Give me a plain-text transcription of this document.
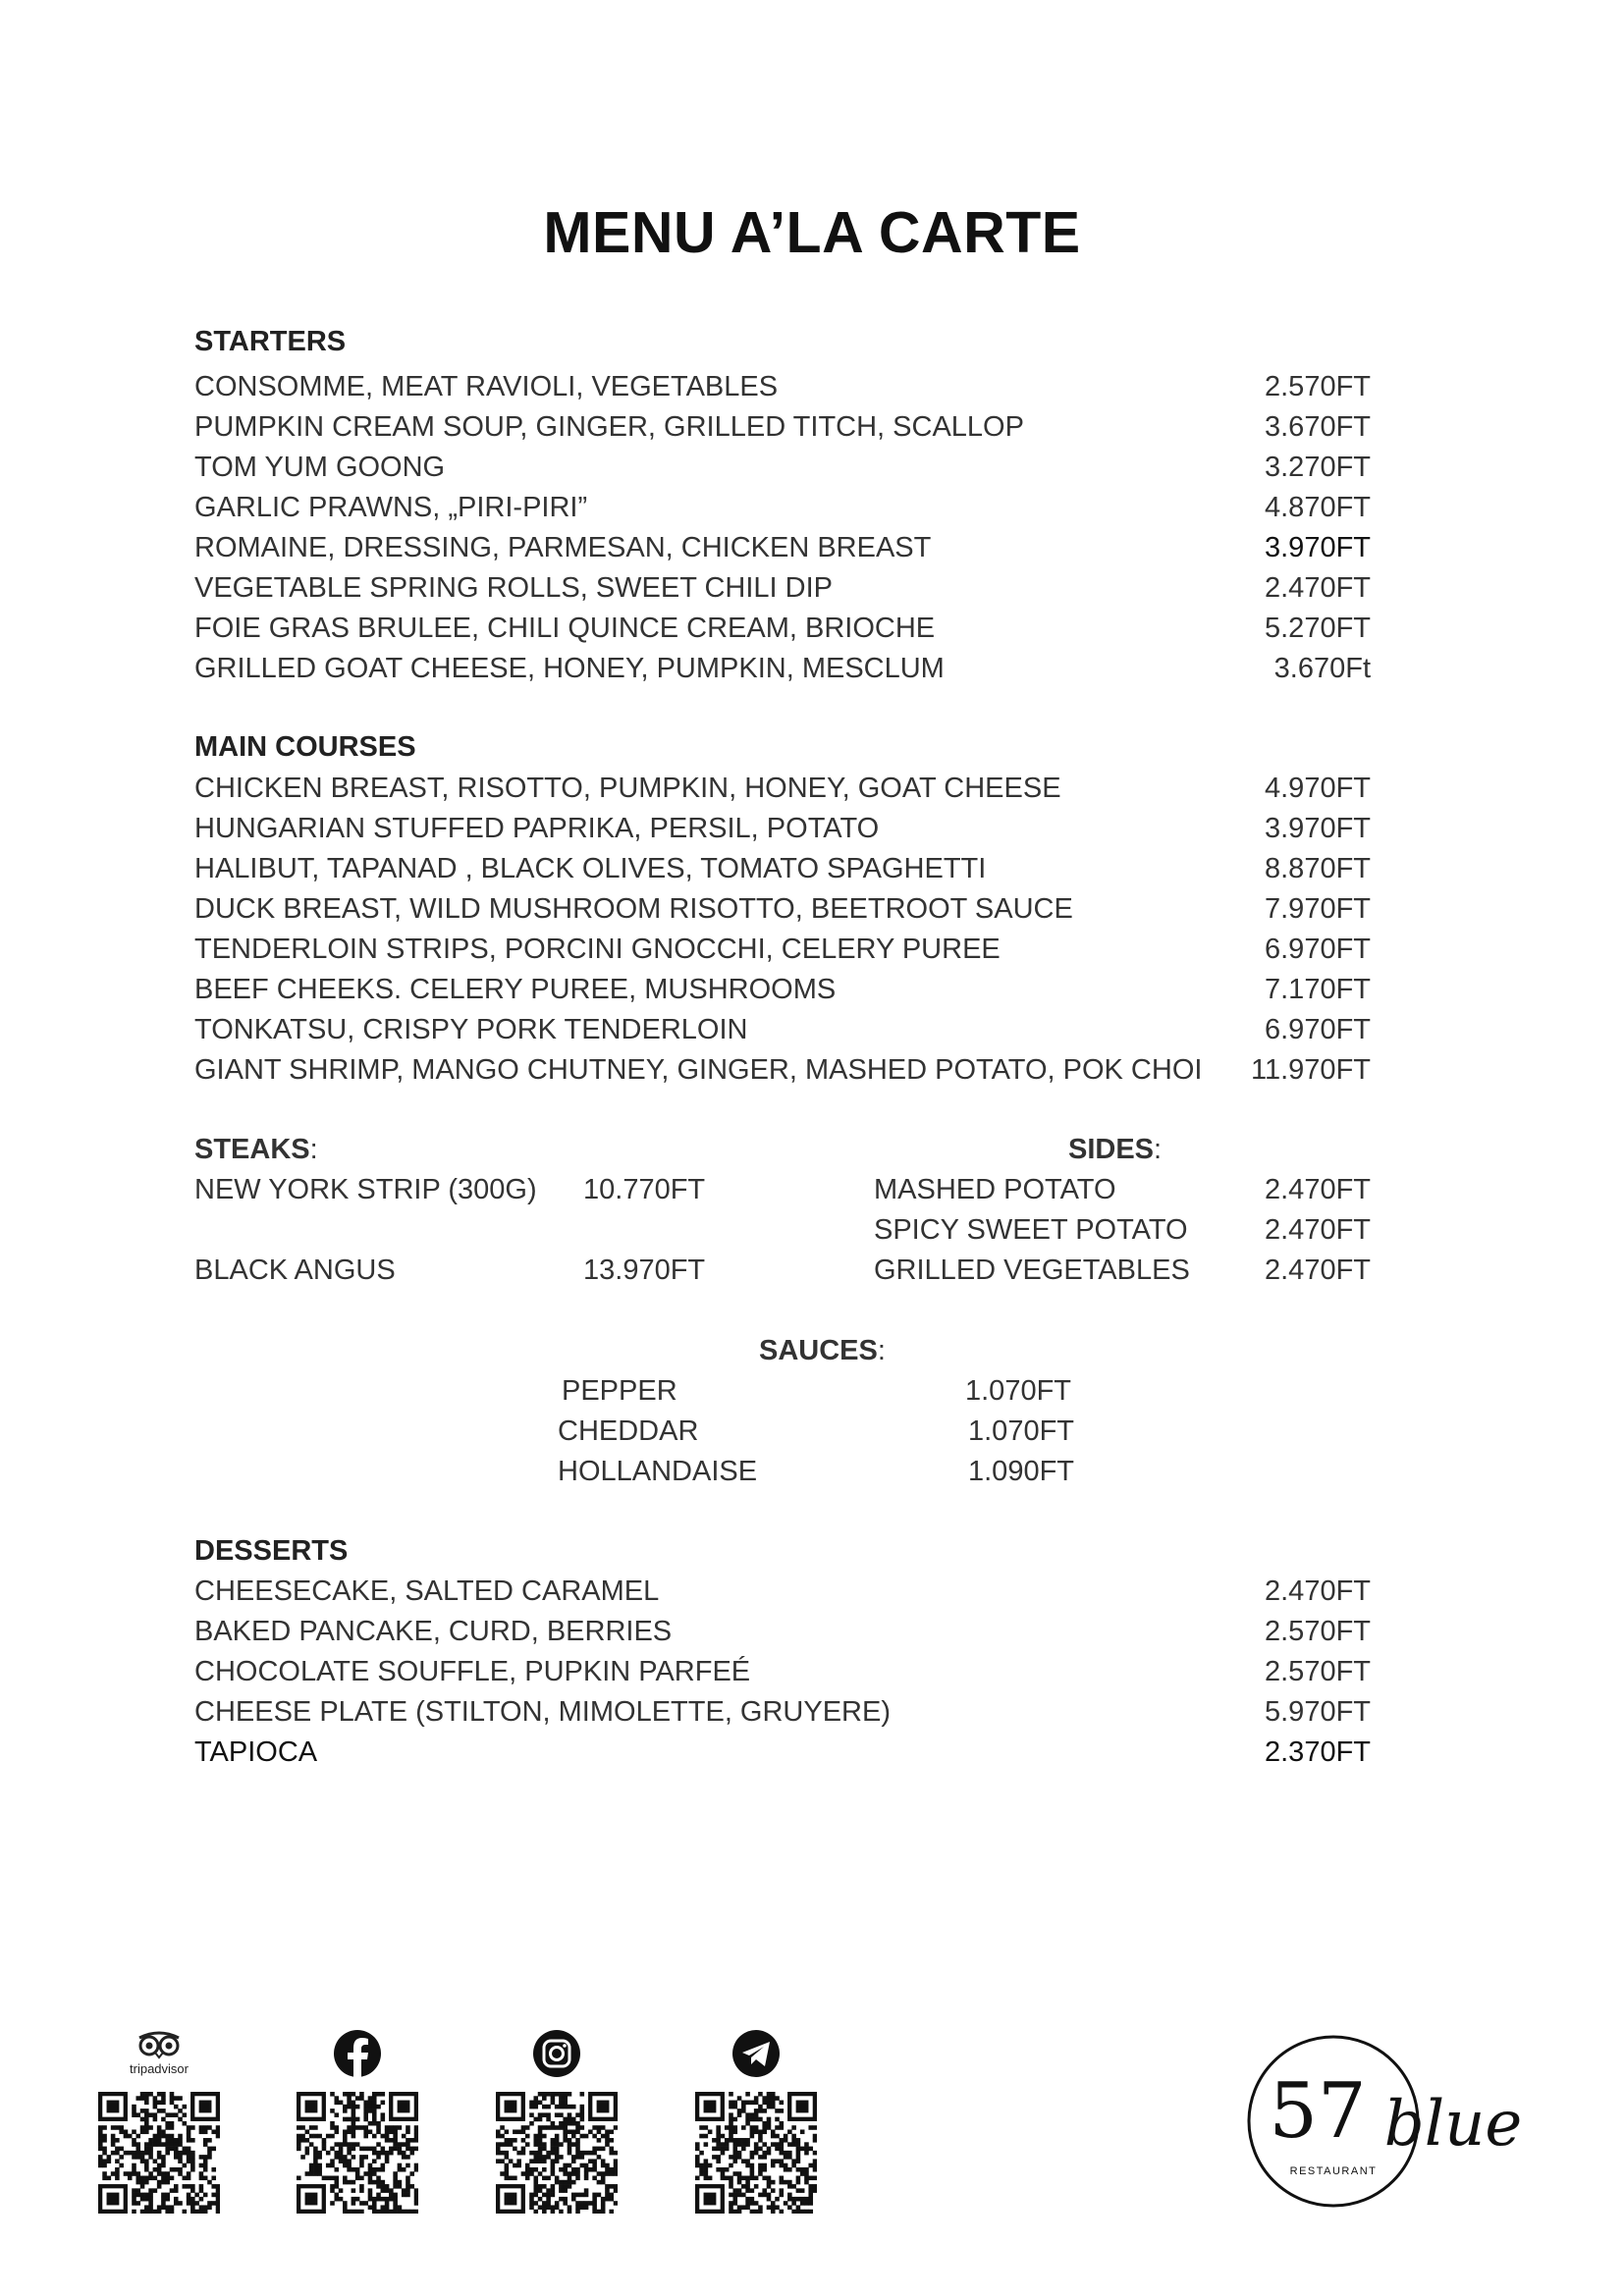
MENU A’LA CARTE
STARTERS
CONSOMME, MEAT RAVIOLI, VEGETABLES	2.570FT
PUMPKIN CREAM SOUP, GINGER, GRILLED TITCH, SCALLOP	3.670FT
TOM YUM GOONG	3.270FT
GARLIC PRAWNS, „PIRI-PIRI”	4.870FT
ROMAINE, DRESSING, PARMESAN, CHICKEN BREAST	3.970FT
VEGETABLE SPRING ROLLS, SWEET CHILI DIP	2.470FT
FOIE GRAS BRULEE, CHILI QUINCE CREAM, BRIOCHE	5.270FT
GRILLED GOAT CHEESE, HONEY, PUMPKIN, MESCLUM	3.670Ft
MAIN COURSES
CHICKEN BREAST, RISOTTO, PUMPKIN, HONEY, GOAT CHEESE	4.970FT
HUNGARIAN STUFFED PAPRIKA, PERSIL, POTATO	3.970FT
HALIBUT, TAPANAD , BLACK OLIVES, TOMATO SPAGHETTI	8.870FT
DUCK BREAST, WILD MUSHROOM RISOTTO, BEETROOT SAUCE	7.970FT
TENDERLOIN STRIPS, PORCINI GNOCCHI, CELERY PUREE	6.970FT
BEEF CHEEKS. CELERY PUREE, MUSHROOMS	7.170FT
TONKATSU, CRISPY PORK TENDERLOIN	6.970FT
GIANT SHRIMP, MANGO CHUTNEY, GINGER, MASHED POTATO, POK CHOI 11.970FT
STEAKS:	SIDES:
NEW YORK STRIP (300G) 10.770FT
BLACK ANGUS	13.970FT
MASHED POTATO	2.470FT
SPICY SWEET POTATO	2.470FT
GRILLED VEGETABLES	2.470FT
SAUCES:
PEPPER	1.070FT
CHEDDAR	1.070FT
HOLLANDAISE	1.090FT
DESSERTS
CHEESECAKE, SALTED CARAMEL	2.470FT
BAKED PANCAKE, CURD, BERRIES	2.570FT
CHOCOLATE SOUFFLE, PUPKIN PARFEÉ	2.570FT
CHEESE PLATE (STILTON, MIMOLETTE, GRUYERE)	5.970FT
TAPIOCA	2.370FT
tripadvisor	57 blue
RESTAURANT
